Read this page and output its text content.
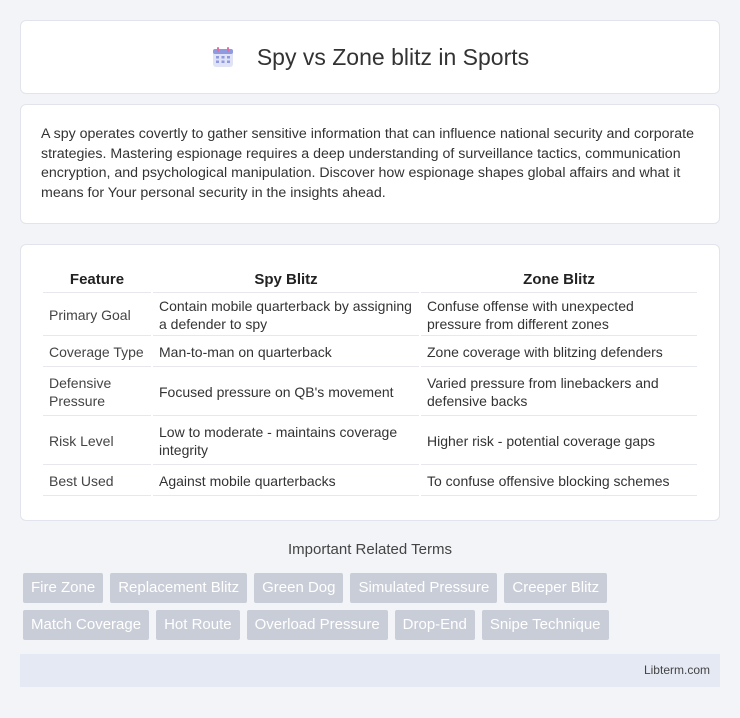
Spy vs Zone blitz in Sports

A spy operates covertly to gather sensitive information that can influence national security and corporate strategies. Mastering espionage requires a deep understanding of surveillance tactics, communication encryption, and psychological manipulation. Discover how espionage shapes global affairs and what it means for Your personal security in the insights ahead.

Feature	Spy Blitz	Zone Blitz
Primary Goal	Contain mobile quarterback by assigning a defender to spy	Confuse offense with unexpected pressure from different zones
Coverage Type	Man-to-man on quarterback	Zone coverage with blitzing defenders
Defensive Pressure	Focused pressure on QB's movement	Varied pressure from linebackers and defensive backs
Risk Level	Low to moderate - maintains coverage integrity	Higher risk - potential coverage gaps
Best Used	Against mobile quarterbacks	To confuse offensive blocking schemes
Important Related Terms
Fire Zone	Replacement Blitz	Green Dog	Simulated Pressure	Creeper Blitz
Match Coverage	Hot Route	Overload Pressure	Drop-End	Snipe Technique
Libterm.com
